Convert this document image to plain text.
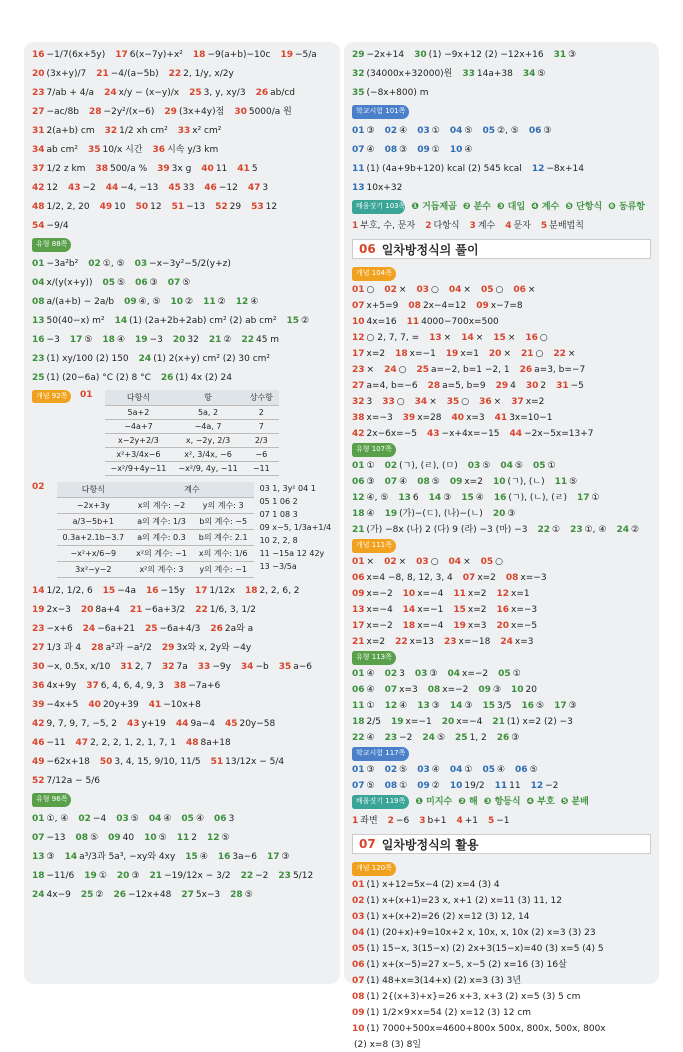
16 −1/7(6x+5y) 17 6(x−7y)+x² 18 −9(a+b)−10c 19 −5/a
20 (3x+y)/7 21 −4/(a−5b) 22 2, 1/y, x/2y
23 7/ab + 4/a 24 x/y − (x−y)/x 25 3, y, xy/3 26 ab/cd
27 −ac/8b 28 −2y²/(x−6) 29 (3x+4y)점 30 5000/a 원
31 2(a+b) cm 32 1/2 xh cm² 33 x² cm²
34 ab cm² 35 10/x 시간 36 시속 y/3 km
37 1/2 z km 38 500/a % 39 3x g 40 11 41 5
42 12 43 −2 44 −4, −13 45 33 46 −12 47 3
48 1/2, 2, 20 49 10 50 12 51 −13 52 29 53 12
54 −9/4
유형 88쪽
01 −3a²b² 02 ①, ⑤ 03 −x−3y²−5/2(y+z)
04 x/(y(x+y)) 05 ⑤ 06 ③ 07 ⑤
08 a/(a+b) − 2a/b 09 ④, ⑤ 10 ② 11 ② 12 ④
13 50(40−x) m² 14 (1) (2a+2b+2ab) cm² (2) ab cm² 15 ②
16 −3 17 ⑤ 18 ④ 19 −3 20 32 21 ② 22 45 m
23 (1) xy/100 (2) 150 24 (1) 2(x+y) cm² (2) 30 cm²
25 (1) (20−6a) °C (2) 8 °C 26 (1) 4x (2) 24
개념 92쪽	01	다항식	항	상수항
5a+2	5a, 2	2
−4a+7	−4a, 7	7
x−2y+2/3	x, −2y, 2/3	2/3
x²+3/4x−6	x², 3/4x, −6	−6
−x²/9+4y−11	−x²/9, 4y, −11	−11
02	다항식	계수	
−2x+3y	x의 계수: −2	y의 계수: 3
a/3−5b+1	a의 계수: 1/3	b의 계수: −5
0.3a+2.1b−3.7	a의 계수: 0.3	b의 계수: 2.1
−x²+x/6−9	x²의 계수: −1	x의 계수: 1/6
3x²−y−2	x²의 계수: 3	y의 계수: −1
03 1, 3y² 04 1
05 1 06 2
07 1 08 3
09 x−5, 1/3a+1/4
10 2, 2, 8
11 −15a 12 42y
13 −3/5a
14 1/2, 1/2, 6 15 −4a 16 −15y 17 1/12x 18 2, 2, 6, 2
19 2x−3 20 8a+4 21 −6a+3/2 22 1/6, 3, 1/2
23 −x+6 24 −6a+21 25 −6a+4/3 26 2a와 a
27 1/3 과 4 28 a²과 −a²/2 29 3x와 x, 2y와 −4y
30 −x, 0.5x, x/10 31 2, 7 32 7a 33 −9y 34 −b 35 a−6
36 4x+9y 37 6, 4, 6, 4, 9, 3 38 −7a+6
39 −4x+5 40 20y+39 41 −10x+8
42 9, 7, 9, 7, −5, 2 43 y+19 44 9a−4 45 20y−58
46 −11 47 2, 2, 2, 1, 2, 1, 7, 1 48 8a+18
49 −62x+18 50 3, 4, 15, 9/10, 11/5 51 13/12x − 5/4
52 7/12a − 5/6
유형 96쪽
01 ①, ④ 02 −4 03 ⑤ 04 ④ 05 ④ 06 3
07 −13 08 ⑤ 09 40 10 ⑤ 11 2 12 ⑤
13 ③ 14 a³/3과 5a³, −xy와 4xy 15 ④ 16 3a−6 17 ③
18 −11/6 19 ① 20 ③ 21 −19/12x − 3/2 22 −2 23 5/12
24 4x−9 25 ② 26 −12x+48 27 5x−3 28 ⑤
29 −2x+14 30 (1) −9x+12 (2) −12x+16 31 ③
32 (34000x+32000)원 33 14a+38 34 ⑤
35 (−8x+800) m
학교시험 101쪽
01 ③ 02 ④ 03 ① 04 ⑤ 05 ②, ⑤ 06 ③
07 ④ 08 ③ 09 ① 10 ④
11 (1) (4a+9b+120) kcal (2) 545 kcal 12 −8x+14
13 10x+32
배움짓기 103쪽 ❶ 거듭제곱 ❷ 분수 ❸ 대입 ❹ 계수 ❺ 단항식 ❻ 동류항
1 부호, 수, 문자 2 다항식 3 계수 4 문자 5 분배법칙
06 일차방정식의 풀이
개념 104쪽
01 ○ 02 × 03 ○ 04 × 05 ○ 06 ×
07 x+5=9 08 2x−4=12 09 x−7=8
10 4x=16 11 4000−700x=500
12 ○ 2, 7, 7, = 13 × 14 × 15 × 16 ○
17 x=2 18 x=−1 19 x=1 20 × 21 ○ 22 ×
23 × 24 ○ 25 a=−2, b=1 −2, 1 26 a=3, b=−7
27 a=4, b=−6 28 a=5, b=9 29 4 30 2 31 −5
32 3 33 ○ 34 × 35 ○ 36 × 37 x=2
38 x=−3 39 x=28 40 x=3 41 3x=10−1
42 2x−6x=−5 43 −x+4x=−15 44 −2x−5x=13+7
유형 107쪽
01 ① 02 (ㄱ), (ㄹ), (ㅁ) 03 ⑤ 04 ⑤ 05 ①
06 ③ 07 ④ 08 ⑤ 09 x=2 10 (ㄱ), (ㄴ) 11 ⑤
12 ④, ⑤ 13 6 14 ③ 15 ④ 16 (ㄱ), (ㄴ), (ㄹ) 17 ①
18 ④ 19 (가)−(ㄷ), (나)−(ㄴ) 20 ③
21 (가) −8x (나) 2 (다) 9 (라) −3 (마) −3 22 ① 23 ①, ④ 24 ②
개념 111쪽
01 × 02 × 03 ○ 04 × 05 ○
06 x=4 −8, 8, 12, 3, 4 07 x=2 08 x=−3
09 x=−2 10 x=−4 11 x=2 12 x=1
13 x=−4 14 x=−1 15 x=2 16 x=−3
17 x=−2 18 x=−4 19 x=3 20 x=−5
21 x=2 22 x=13 23 x=−18 24 x=3
유형 113쪽
01 ④ 02 3 03 ③ 04 x=−2 05 ①
06 ④ 07 x=3 08 x=−2 09 ③ 10 20
11 ① 12 ④ 13 ③ 14 ③ 15 3/5 16 ⑤ 17 ③
18 2/5 19 x=−1 20 x=−4 21 (1) x=2 (2) −3
22 ④ 23 −2 24 ⑤ 25 1, 2 26 ③
학교시험 117쪽
01 ③ 02 ⑤ 03 ④ 04 ① 05 ④ 06 ⑤
07 ⑤ 08 ① 09 ② 10 19/2 11 11 12 −2
배움짓기 119쪽	❶ 미지수 ❷ 해 ❸ 항등식 ❹ 부호 ❺ 분배
1 좌변 2 −6 3 b+1 4 +1 5 −1
07 일차방정식의 활용
개념 120쪽
01 (1) x+12=5x−4 (2) x=4 (3) 4
02 (1) x+(x+1)=23 x, x+1 (2) x=11 (3) 11, 12
03 (1) x+(x+2)=26 (2) x=12 (3) 12, 14
04 (1) (20+x)+9=10x+2 x, 10x, x, 10x (2) x=3 (3) 23
05 (1) 15−x, 3(15−x) (2) 2x+3(15−x)=40 (3) x=5 (4) 5
06 (1) x+(x−5)=27 x−5, x−5 (2) x=16 (3) 16살
07 (1) 48+x=3(14+x) (2) x=3 (3) 3년
08 (1) 2{(x+3)+x}=26 x+3, x+3 (2) x=5 (3) 5 cm
09 (1) 1/2×9×x=54 (2) x=12 (3) 12 cm
10 (1) 7000+500x=4600+800x 500x, 800x, 500x, 800x
(2) x=8 (3) 8일
